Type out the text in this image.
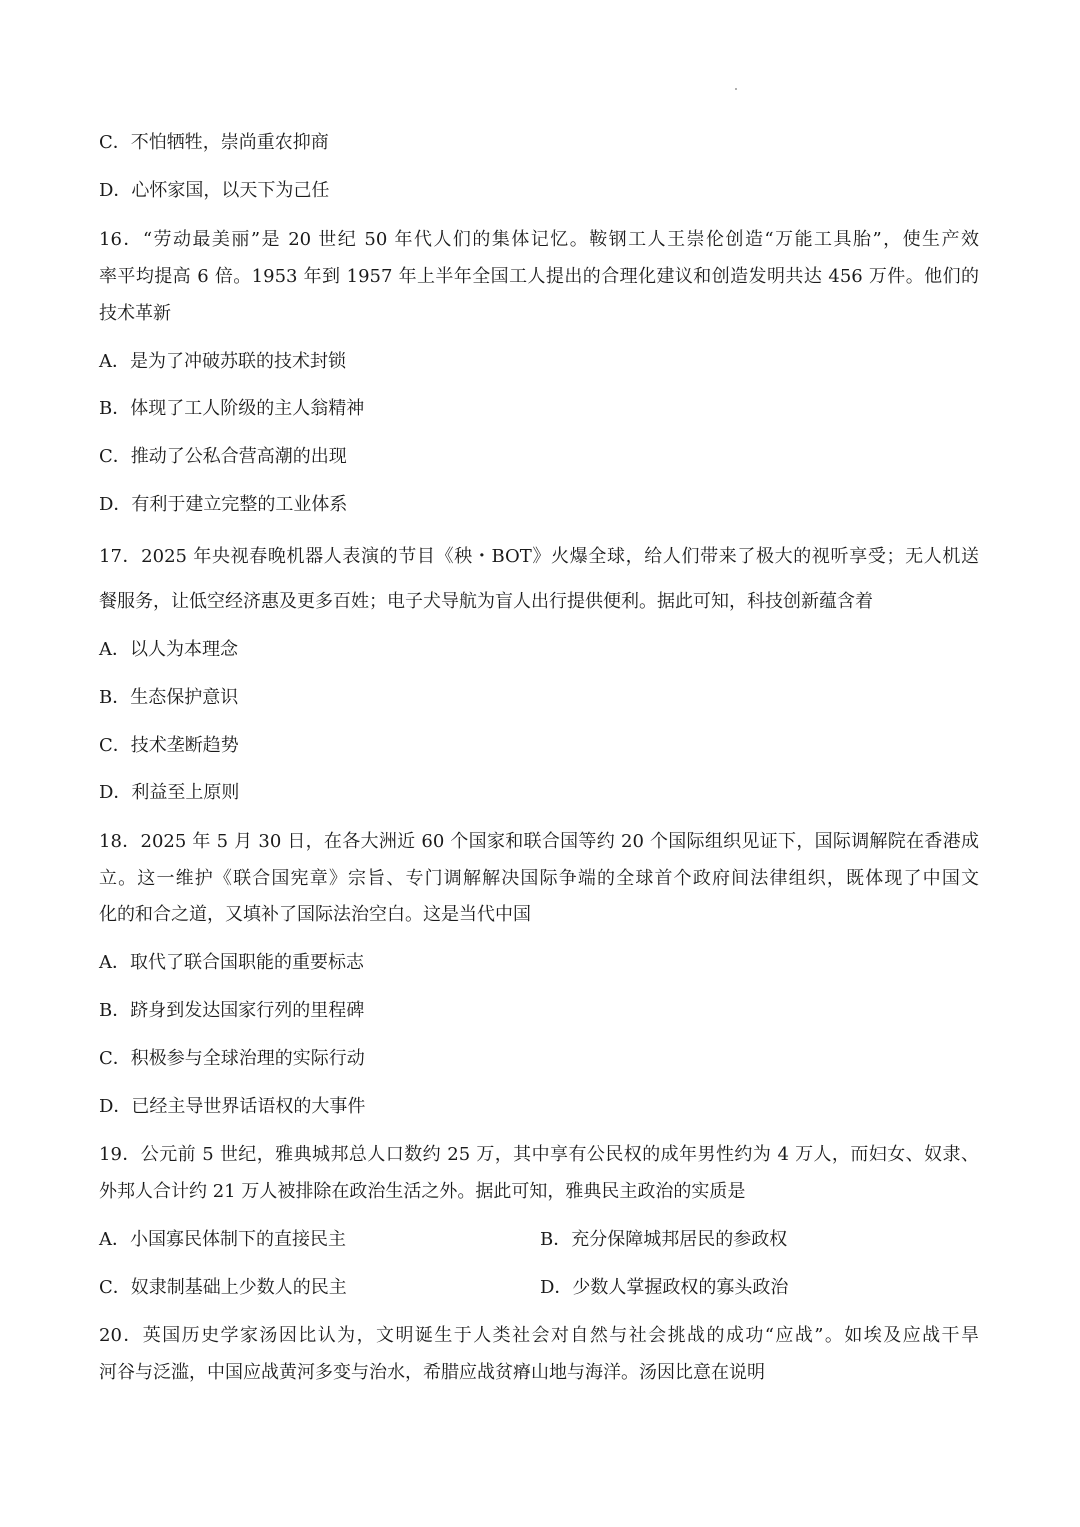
C．不怕牺牲，崇尚重农抑商
D．心怀家国，以天下为己任
16．“劳动最美丽”是 20 世纪 50 年代人们的集体记忆。鞍钢工人王崇伦创造“万能工具胎”，使生产效
率平均提高 6 倍。1953 年到 1957 年上半年全国工人提出的合理化建议和创造发明共达 456 万件。他们的
技术革新
A．是为了冲破苏联的技术封锁
B．体现了工人阶级的主人翁精神
C．推动了公私合营高潮的出现
D．有利于建立完整的工业体系
17．2025 年央视春晚机器人表演的节目《秧・BOT》火爆全球，给人们带来了极大的视听享受；无人机送
餐服务，让低空经济惠及更多百姓；电子犬导航为盲人出行提供便利。据此可知，科技创新蕴含着
A．以人为本理念
B．生态保护意识
C．技术垄断趋势
D．利益至上原则
18．2025 年 5 月 30 日，在各大洲近 60 个国家和联合国等约 20 个国际组织见证下，国际调解院在香港成
立。这一维护《联合国宪章》宗旨、专门调解解决国际争端的全球首个政府间法律组织，既体现了中国文
化的和合之道，又填补了国际法治空白。这是当代中国
A．取代了联合国职能的重要标志
B．跻身到发达国家行列的里程碑
C．积极参与全球治理的实际行动
D．已经主导世界话语权的大事件
19．公元前 5 世纪，雅典城邦总人口数约 25 万，其中享有公民权的成年男性约为 4 万人，而妇女、奴隶、
外邦人合计约 21 万人被排除在政治生活之外。据此可知，雅典民主政治的实质是
A．小国寡民体制下的直接民主	B．充分保障城邦居民的参政权
C．奴隶制基础上少数人的民主	D．少数人掌握政权的寡头政治
20．英国历史学家汤因比认为，文明诞生于人类社会对自然与社会挑战的成功“应战”。如埃及应战干旱
河谷与泛滥，中国应战黄河多变与治水，希腊应战贫瘠山地与海洋。汤因比意在说明
